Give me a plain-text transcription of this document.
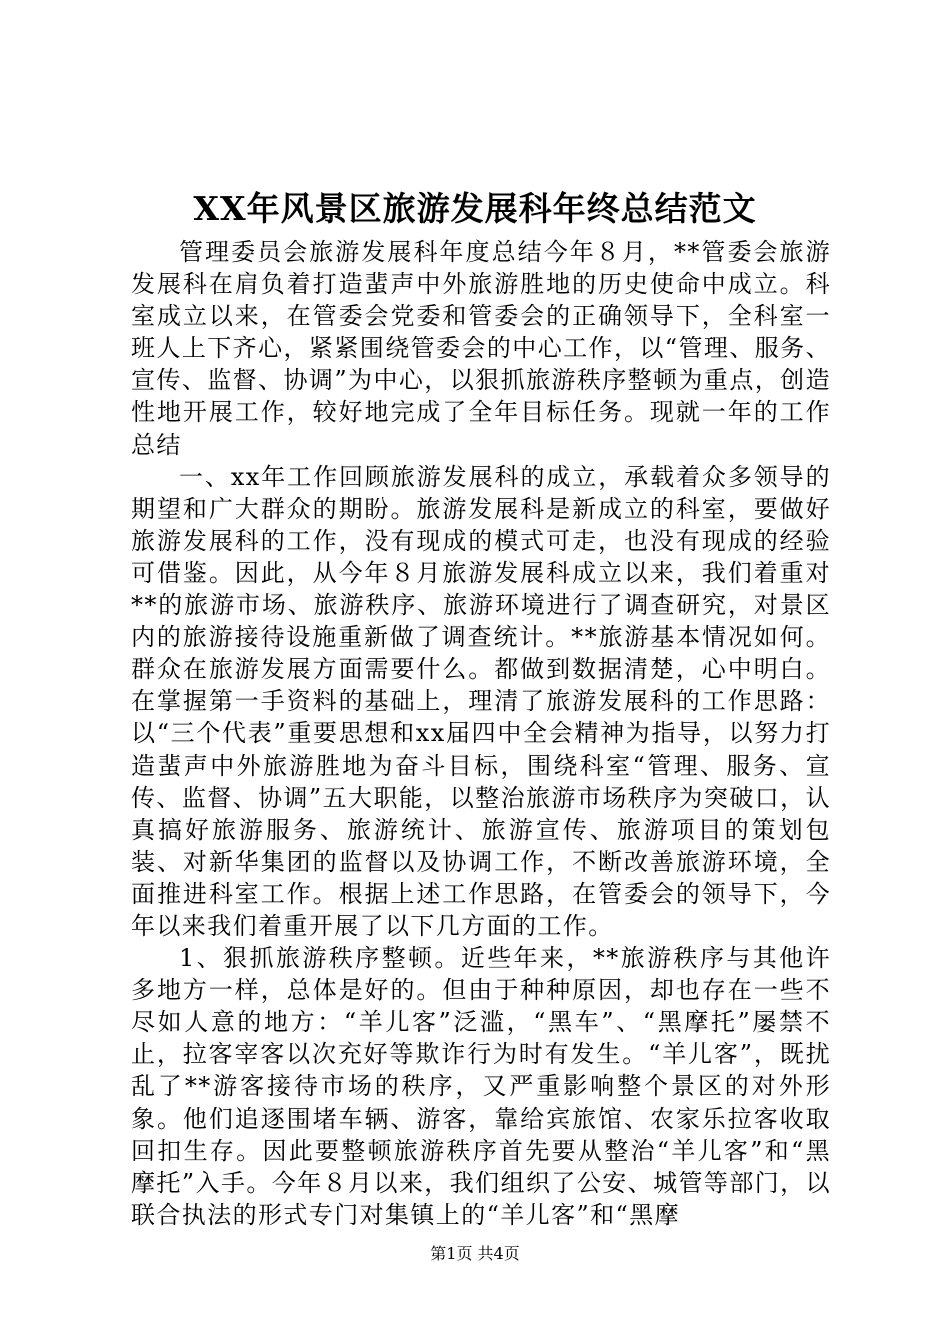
XX年风景区旅游发展科年终总结范文

管理委员会旅游发展科年度总结今年８月，**管委会旅游发展科在肩负着打造蜚声中外旅游胜地的历史使命中成立。科室成立以来，在管委会党委和管委会的正确领导下，全科室一班人上下齐心，紧紧围绕管委会的中心工作，以“管理、服务、宣传、监督、协调”为中心，以狠抓旅游秩序整顿为重点，创造性地开展工作，较好地完成了全年目标任务。现就一年的工作总结

一、xx年工作回顾旅游发展科的成立，承载着众多领导的期望和广大群众的期盼。旅游发展科是新成立的科室，要做好旅游发展科的工作，没有现成的模式可走，也没有现成的经验可借鉴。因此，从今年８月旅游发展科成立以来，我们着重对**的旅游市场、旅游秩序、旅游环境进行了调查研究，对景区内的旅游接待设施重新做了调查统计。**旅游基本情况如何。群众在旅游发展方面需要什么。都做到数据清楚，心中明白。在掌握第一手资料的基础上，理清了旅游发展科的工作思路：以“三个代表”重要思想和xx届四中全会精神为指导，以努力打造蜚声中外旅游胜地为奋斗目标，围绕科室“管理、服务、宣传、监督、协调”五大职能，以整治旅游市场秩序为突破口，认真搞好旅游服务、旅游统计、旅游宣传、旅游项目的策划包装、对新华集团的监督以及协调工作，不断改善旅游环境，全面推进科室工作。根据上述工作思路，在管委会的领导下，今年以来我们着重开展了以下几方面的工作。

1、狠抓旅游秩序整顿。近些年来，**旅游秩序与其他许多地方一样，总体是好的。但由于种种原因，却也存在一些不尽如人意的地方：“羊儿客”泛滥，“黑车”、“黑摩托”屡禁不止，拉客宰客以次充好等欺诈行为时有发生。“羊儿客”，既扰乱了**游客接待市场的秩序，又严重影响整个景区的对外形象。他们追逐围堵车辆、游客，靠给宾旅馆、农家乐拉客收取回扣生存。因此要整顿旅游秩序首先要从整治“羊儿客”和“黑摩托”入手。今年８月以来，我们组织了公安、城管等部门，以联合执法的形式专门对集镇上的“羊儿客”和“黑摩

第1页 共4页
